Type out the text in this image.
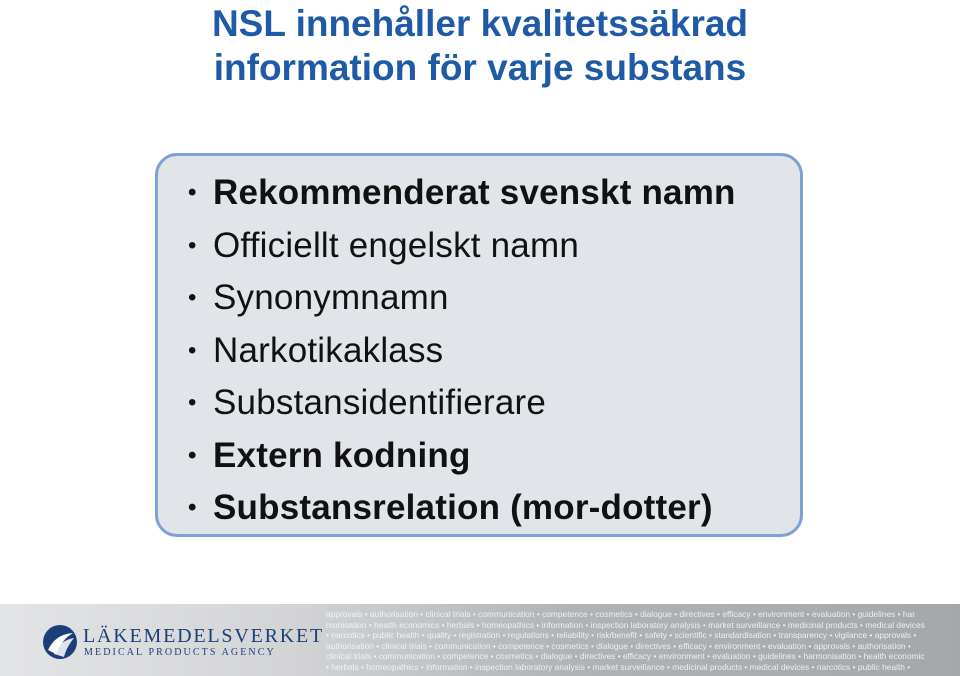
NSL innehåller kvalitetssäkrad
information för varje substans
• Rekommenderat svenskt namn
• Officiellt engelskt namn
• Synonymnamn
• Narkotikaklass
• Substansidentifierare
• Extern kodning
• Substansrelation (mor-dotter)
LÄKEMEDELSVERKET
MEDICAL PRODUCTS AGENCY
approvals • authorisation • clinical trials • communication • competence • cosmetics • dialogue • directives • efficacy • environment • evaluation • guidelines • har
monisation • health economics • herbals • homeopathics • information • inspection laboratory analysis • market surveillance • medicinal products • medical devices
• narcotics • public health • quality • registration • regulations • reliability • risk/benefit • safety • scientific • standardisation • transparency • vigilance • approvals •
authorisation • clinical trials • communication • competence • cosmetics • dialogue • directives • efficacy • environment • evaluation • approvals • authorisation •
clinical trials • communication • competence • cosmetics • dialogue • directives • efficacy • environment • evaluation • guidelines • harmonisation • health economic
• herbals • homeopathics • information • inspection laboratory analysis • market surveillance • medicinal products • medical devices • narcotics • public health •
